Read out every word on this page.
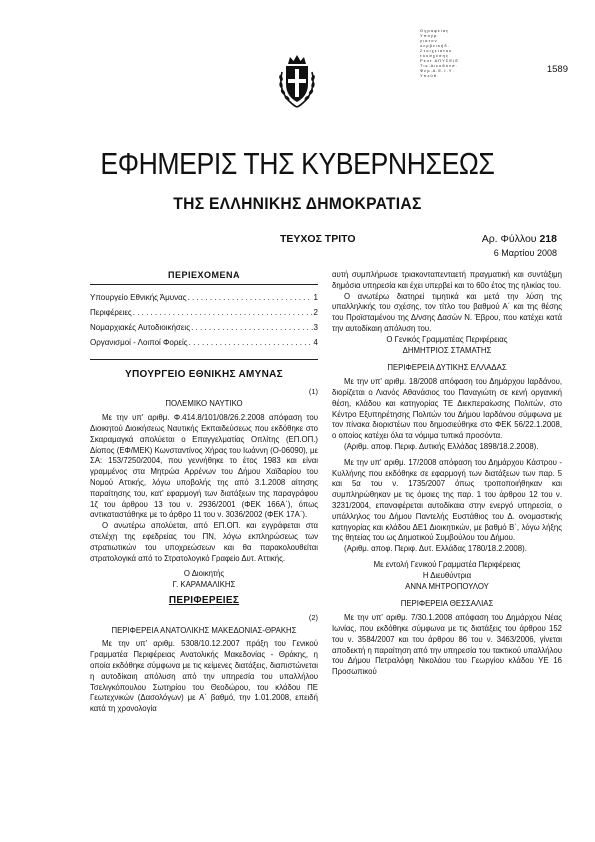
Ο γ ρ α φ ε ί α ς
Υ π ο γ ρ .
γ ι α τ ο ν
ο ε ρ β ε ι κ ή δ .
Σ τ ο ι χ ε ι α τ ο υ
τ ο υ σ χ έ σ η ς
Ρ ε υ τ . Α Π Υ Σ Ε Ι Ε
Τ ι κ . Δ ι ε υ θ ύ ν σ .
Φ ε ρ . Α . Ε . Ι . Υ .
Υ π ε ύ θ .
1589
ΕΦΗΜΕΡΙΣ ΤΗΣ ΚΥΒΕΡΝΗΣΕΩΣ
ΤΗΣ ΕΛΛΗΝΙΚΗΣ ΔΗΜΟΚΡΑΤΙΑΣ
ΤΕΥΧΟΣ ΤΡΙΤΟ	Αρ. Φύλλου 218
6 Μαρτίου 2008
ΠΕΡΙΕΧΟΜΕΝΑ
Υπουργείο Εθνικής Άμυνας . . .	1
Περιφέρειες . . .	2
Νομαρχιακές Αυτοδιοικήσεις . . .	3
Οργανισμοί - Λοιποί Φορείς . . .	4
ΥΠΟΥΡΓΕΙΟ ΕΘΝΙΚΗΣ ΑΜΥΝΑΣ
(1)
ΠΟΛΕΜΙΚΟ ΝΑΥΤΙΚΟ

Με την υπ' αριθμ. Φ.414.8/101/08/26.2.2008 απόφαση του Διοικητού Διοικήσεως Ναυτικής Εκπαιδεύσεως που εκδόθηκε στο Σκαραμαγκά απολύεται ο Επαγγελματίας Οπλίτης (ΕΠ.ΟΠ.) Δίοπος (ΕΦ/ΜΕΚ) Κωνσταντίνος Χήρας του Ιωάννη (Ο-06090), με ΣΑ: 153/7250/2004, που γεννήθηκε το έτος 1983 και είναι γραμμένος στα Μητρώα Αρρένων του Δήμου Χαϊδαρίου του Νομού Αττικής, λόγω υποβολής της από 3.1.2008 αίτησης παραίτησης του, κατ' εφαρμογή των διατάξεων της παραγράφου 1ζ του άρθρου 13 του ν. 2936/2001 (ΦΕΚ 166Α΄), όπως αντικαταστάθηκε με το άρθρο 11 του ν. 3036/2002 (ΦΕΚ 17Α΄).

Ο ανωτέρω απολύεται, από ΕΠ.ΟΠ. και εγγράφεται στα στελέχη της εφεδρείας του ΠΝ, λόγω εκπληρώσεως των στρατιωτικών του υποχρεώσεων και θα παρακολουθείται στρατολογικά από το Στρατολογικό Γραφείο Δυτ. Αττικής.

Ο Διοικητής
Γ. ΚΑΡΑΜΑΛΙΚΗΣ
ΠΕΡΙΦΕΡΕΙΕΣ
(2)
ΠΕΡΙΦΕΡΕΙΑ ΑΝΑΤΟΛΙΚΗΣ ΜΑΚΕΔΟΝΙΑΣ-ΘΡΑΚΗΣ

Με την υπ' αριθμ. 5308/10.12.2007 πράξη του Γενικού Γραμματέα Περιφέρειας Ανατολικής Μακεδονίας - Θράκης, η οποία εκδόθηκε σύμφωνα με τις κείμενες διατάξεις, διαπιστώνεται η αυτοδίκαιη απόλυση από την υπηρεσία του υπαλλήλου Τσελιγκόπουλου Σωτηρίου του Θεοδώρου, του κλάδου ΠΕ Γεωτεχνικών (Δασολόγων) με Α΄ βαθμό, την 1.01.2008, επειδή κατά τη χρονολογία

αυτή συμπλήρωσε τριακονταπενταετή πραγματική και συντάξιμη δημόσια υπηρεσία και έχει υπερβεί και το 60ο έτος της ηλικίας του.

Ο ανωτέρω διατηρεί τιμητικά και μετά την λύση της υπαλληλικής του σχέσης, τον τίτλο του βαθμού Α΄ και της θέσης του Προϊσταμένου της Δ/νσης Δασών Ν. Έβρου, που κατέχει κατά την αυτοδίκαιη απόλυση του.

Ο Γενικός Γραμματέας Περιφέρειας
ΔΗΜΗΤΡΙΟΣ ΣΤΑΜΑΤΗΣ
ΠΕΡΙΦΕΡΕΙΑ ΔΥΤΙΚΗΣ ΕΛΛΑΔΑΣ

Με την υπ' αριθμ. 18/2008 απόφαση του Δημάρχου Ιαρδάνου, διορίζεται ο Λιανός Αθανάσιος του Παναγιώτη σε κενή οργανική θέση, κλάδου και κατηγορίας ΤΕ Διεκπεραίωσης Πολιτών, στο Κέντρο Εξυπηρέτησης Πολιτών του Δήμου Ιαρδάνου σύμφωνα με τον πίνακα διοριστέων που δημοσιεύθηκε στο ΦΕΚ 56/22.1.2008, ο οποίος κατέχει όλα τα νόμιμα τυπικά προσόντα.

(Αριθμ. αποφ. Περιφ. Δυτικής Ελλάδας 1898/18.2.2008).

Με την υπ' αριθμ. 17/2008 απόφαση του Δημάρχου Κάστρου - Κυλλήνης που εκδόθηκε σε εφαρμογή των διατάξεων των παρ. 5 και 5α του ν. 1735/2007 όπως τροποποιήθηκαν και συμπληρώθηκαν με τις όμοιες της παρ. 1 του άρθρου 12 του ν. 3231/2004, επαναφέρεται αυτοδίκαια στην ενεργό υπηρεσία, ο υπάλληλος του Δήμου Παντελής Ευστάθιος του Δ. ονομαστικής κατηγορίας και κλάδου ΔΕ1 Διοικητικών, με βαθμό Β΄, λόγω λήξης της θητείας του ως Δημοτικού Συμβούλου του Δήμου.

(Αριθμ. αποφ. Περιφ. Δυτ. Ελλάδας 1780/18.2.2008).

Με εντολή Γενικού Γραμματέα Περιφέρειας
Η Διευθύντρια
ΑΝΝΑ ΜΗΤΡΟΠΟΥΛΟΥ
ΠΕΡΙΦΕΡΕΙΑ ΘΕΣΣΑΛΙΑΣ

Με την υπ' αριθμ. 7/30.1.2008 απόφαση του Δημάρχου Νέας Ιωνίας, που εκδόθηκε σύμφωνα με τις διατάξεις του άρθρου 152 του ν. 3584/2007 και του άρθρου 86 του ν. 3463/2006, γίνεται αποδεκτή η παραίτηση από την υπηρεσία του τακτικού υπαλλήλου του Δήμου Πετραλόφη Νικολάου του Γεωργίου κλάδου ΥΕ 16 Προσωπικού
